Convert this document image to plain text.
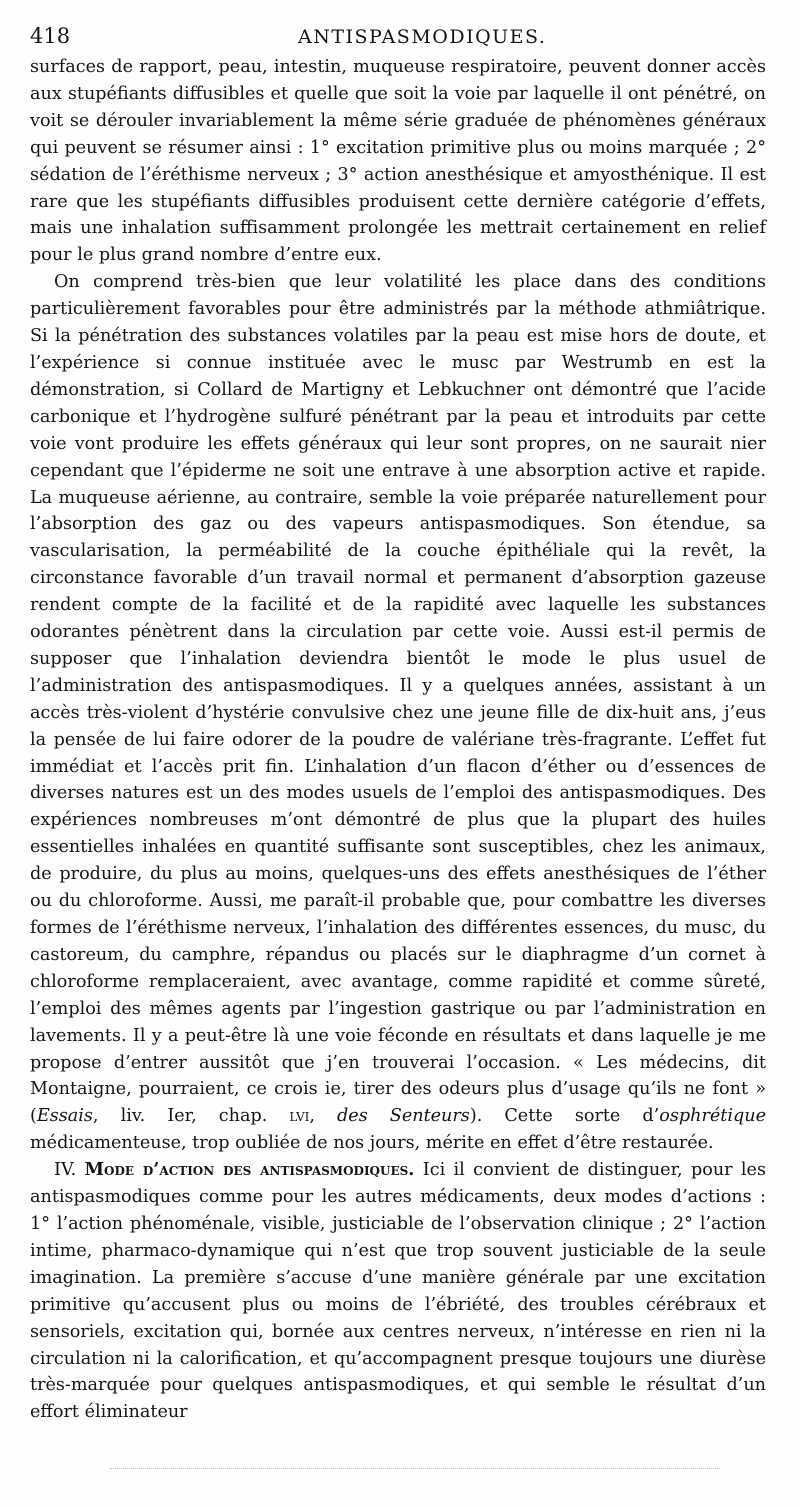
418	ANTISPASMODIQUES.

surfaces de rapport, peau, intestin, muqueuse respiratoire, peuvent donner accès aux stupéfiants diffusibles et quelle que soit la voie par laquelle il ont pénétré, on voit se dérouler invariablement la même série graduée de phénomènes généraux qui peuvent se résumer ainsi : 1° excitation primitive plus ou moins marquée ; 2° sédation de l’éréthisme nerveux ; 3° action anesthésique et amyosthénique. Il est rare que les stupéfiants diffusibles produisent cette dernière catégorie d’effets, mais une inhalation suffisamment prolongée les mettrait certainement en relief pour le plus grand nombre d’entre eux.

On comprend très-bien que leur volatilité les place dans des conditions particulièrement favorables pour être administrés par la méthode athmiâtrique. Si la pénétration des substances volatiles par la peau est mise hors de doute, et l’expérience si connue instituée avec le musc par Westrumb en est la démonstration, si Collard de Martigny et Lebkuchner ont démontré que l’acide carbonique et l’hydrogène sulfuré pénétrant par la peau et introduits par cette voie vont produire les effets généraux qui leur sont propres, on ne saurait nier cependant que l’épiderme ne soit une entrave à une absorption active et rapide. La muqueuse aérienne, au contraire, semble la voie préparée naturellement pour l’absorption des gaz ou des vapeurs antispasmodiques. Son étendue, sa vascularisation, la perméabilité de la couche épithéliale qui la revêt, la circonstance favorable d’un travail normal et permanent d’absorption gazeuse rendent compte de la facilité et de la rapidité avec laquelle les substances odorantes pénètrent dans la circulation par cette voie. Aussi est-il permis de supposer que l’inhalation deviendra bientôt le mode le plus usuel de l’administration des antispasmodiques. Il y a quelques années, assistant à un accès très-violent d’hystérie convulsive chez une jeune fille de dix-huit ans, j’eus la pensée de lui faire odorer de la poudre de valériane très-fragrante. L’effet fut immédiat et l’accès prit fin. L’inhalation d’un flacon d’éther ou d’essences de diverses natures est un des modes usuels de l’emploi des antispasmodiques. Des expériences nombreuses m’ont démontré de plus que la plupart des huiles essentielles inhalées en quantité suffisante sont susceptibles, chez les animaux, de produire, du plus au moins, quelques-uns des effets anesthésiques de l’éther ou du chloroforme. Aussi, me paraît-il probable que, pour combattre les diverses formes de l’éréthisme nerveux, l’inhalation des différentes essences, du musc, du castoreum, du camphre, répandus ou placés sur le diaphragme d’un cornet à chloroforme remplaceraient, avec avantage, comme rapidité et comme sûreté, l’emploi des mêmes agents par l’ingestion gastrique ou par l’administration en lavements. Il y a peut-être là une voie féconde en résultats et dans laquelle je me propose d’entrer aussitôt que j’en trouverai l’occasion. « Les médecins, dit Montaigne, pourraient, ce crois ie, tirer des odeurs plus d’usage qu’ils ne font » (Essais, liv. Ier, chap. lvi, des Senteurs). Cette sorte d’osphrétique médicamenteuse, trop oubliée de nos jours, mérite en effet d’être restaurée.

IV. Mode d’action des antispasmodiques. Ici il convient de distinguer, pour les antispasmodiques comme pour les autres médicaments, deux modes d’actions : 1° l’action phénoménale, visible, justiciable de l’observation clinique ; 2° l’action intime, pharmaco-dynamique qui n’est que trop souvent justiciable de la seule imagination. La première s’accuse d’une manière générale par une excitation primitive qu’accusent plus ou moins de l’ébriété, des troubles cérébraux et sensoriels, excitation qui, bornée aux centres nerveux, n’intéresse en rien ni la circulation ni la calorification, et qu’accompagnent presque toujours une diurèse très-marquée pour quelques antispasmodiques, et qui semble le résultat d’un effort éliminateur
